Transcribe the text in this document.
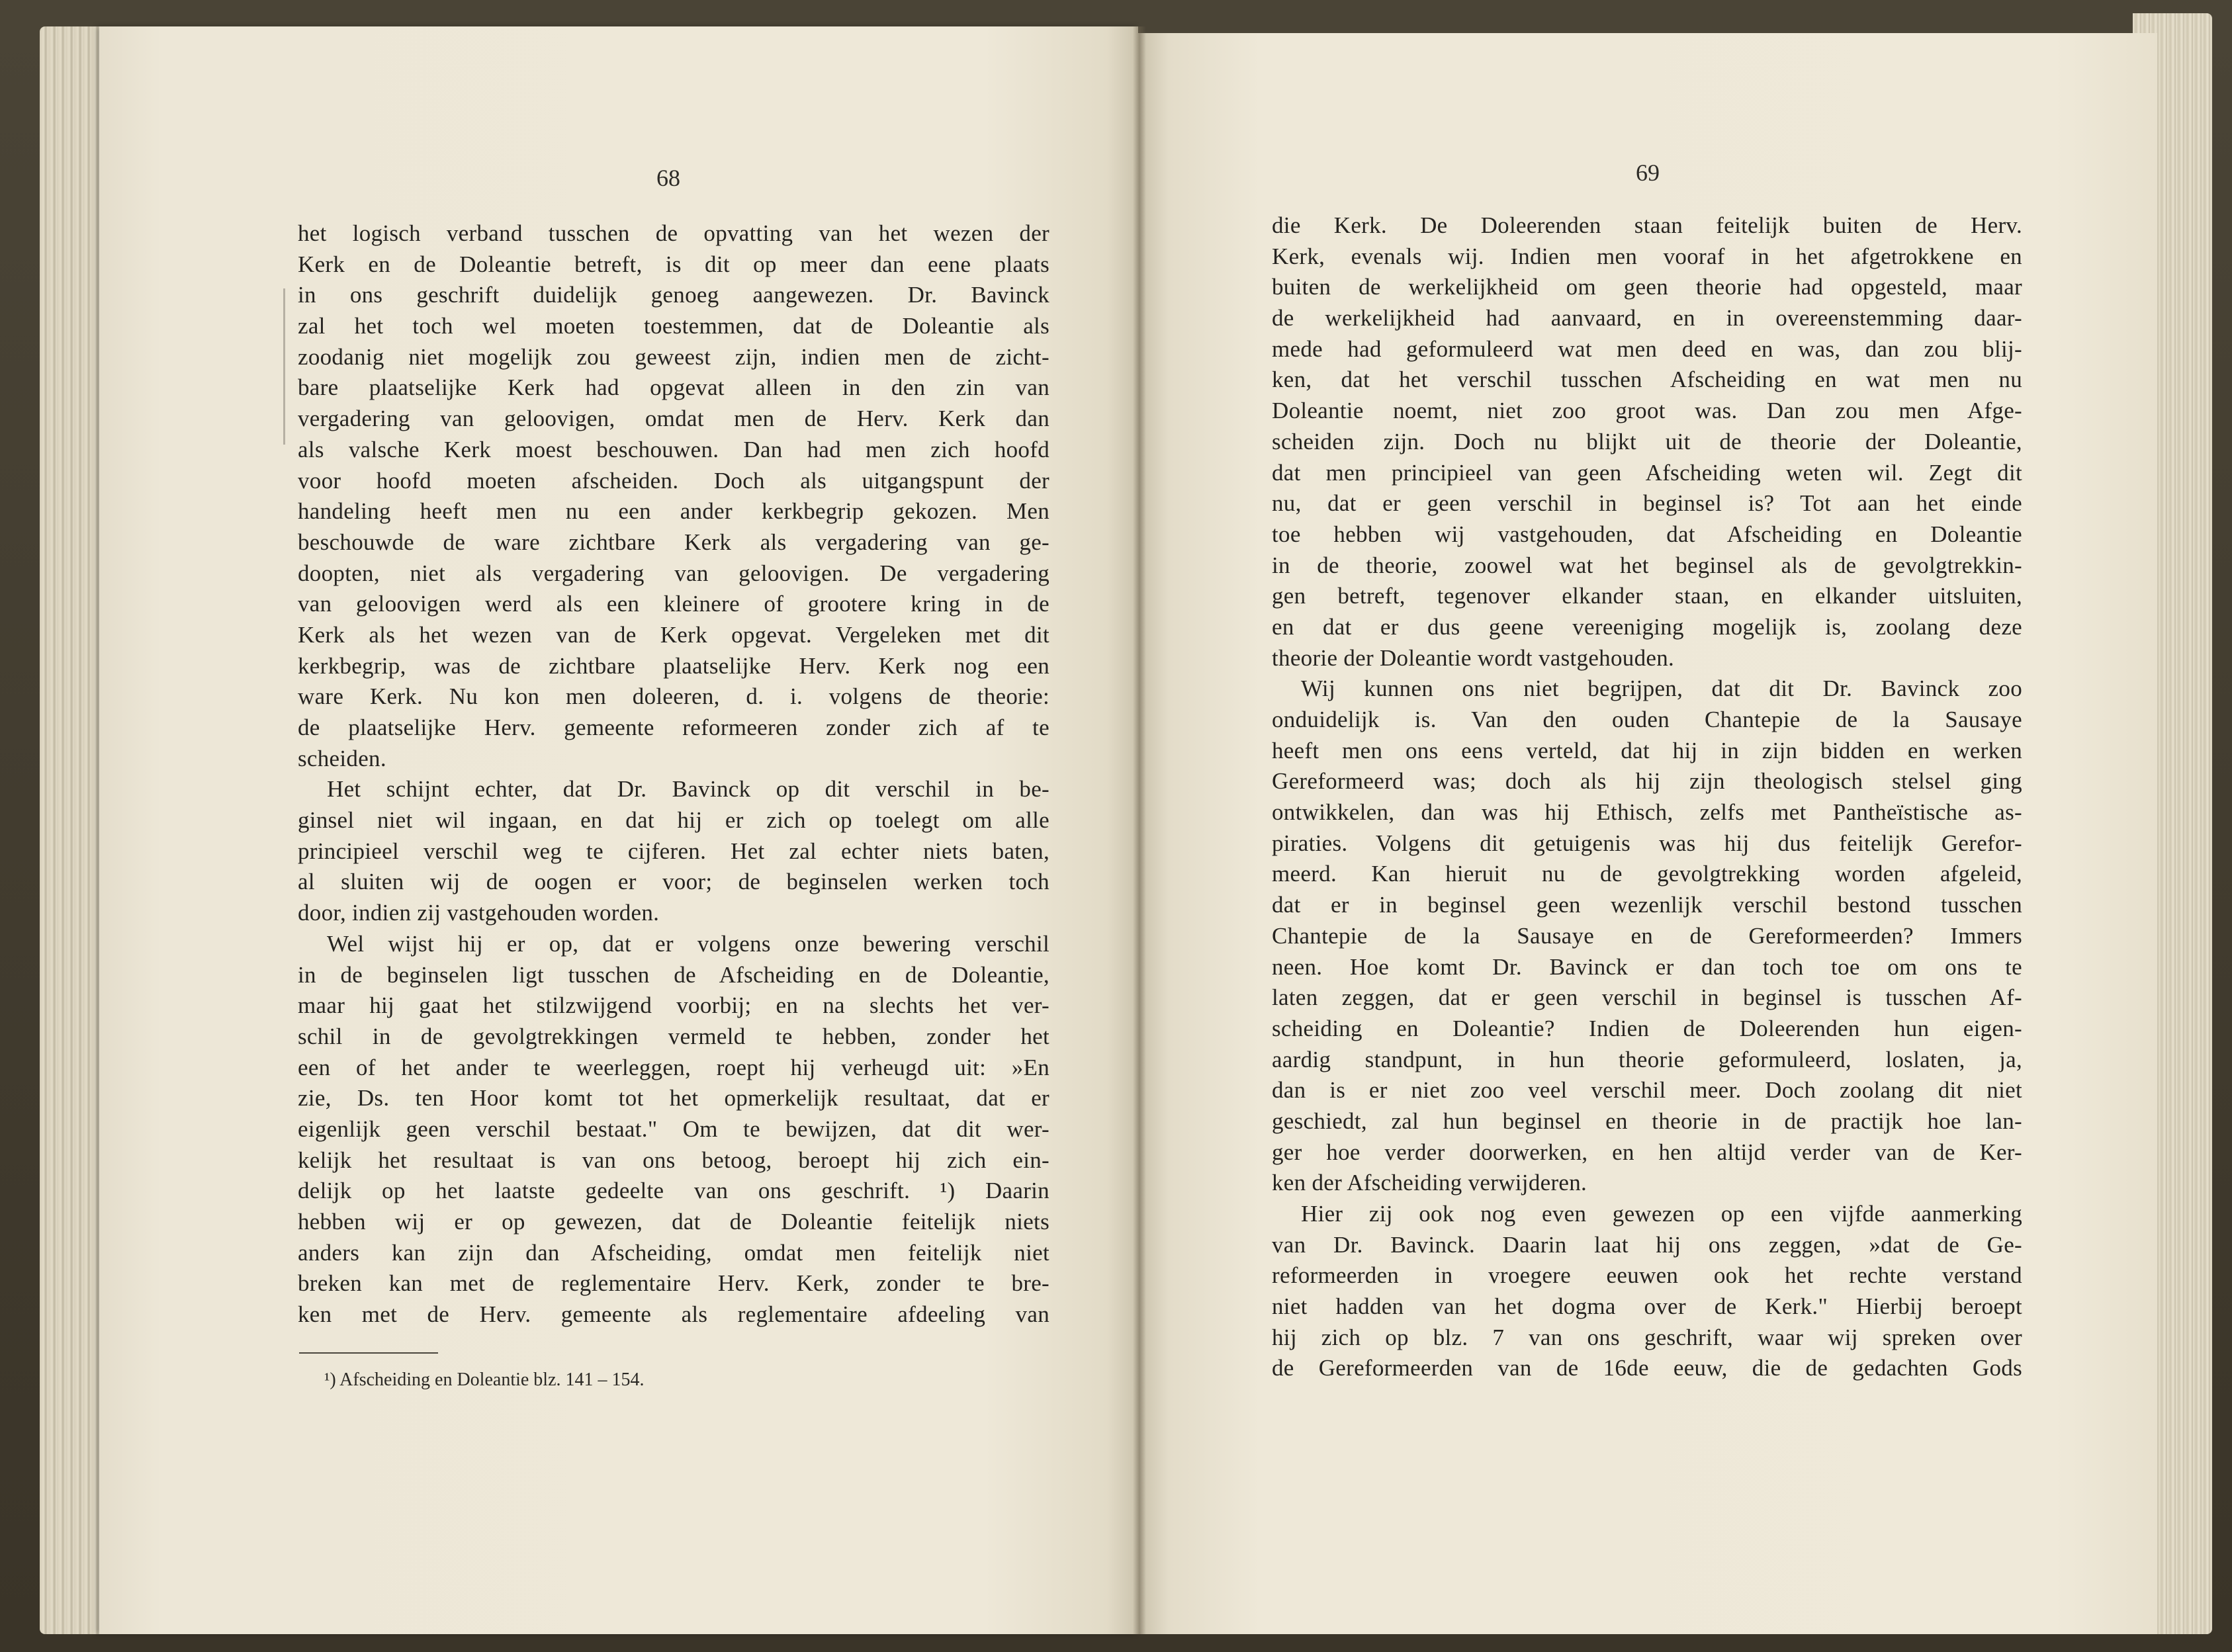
68	69
het logisch verband tusschen de opvatting van het wezen der
Kerk en de Doleantie betreft, is dit op meer dan eene plaats
in ons geschrift duidelijk genoeg aangewezen. Dr. Bavinck
zal het toch wel moeten toestemmen, dat de Doleantie als
zoodanig niet mogelijk zou geweest zijn, indien men de zicht-
bare plaatselijke Kerk had opgevat alleen in den zin van
vergadering van geloovigen, omdat men de Herv. Kerk dan
als valsche Kerk moest beschouwen. Dan had men zich hoofd
voor hoofd moeten afscheiden. Doch als uitgangspunt der
handeling heeft men nu een ander kerkbegrip gekozen. Men
beschouwde de ware zichtbare Kerk als vergadering van ge-
doopten, niet als vergadering van geloovigen. De vergadering
van geloovigen werd als een kleinere of grootere kring in de
Kerk als het wezen van de Kerk opgevat. Vergeleken met dit
kerkbegrip, was de zichtbare plaatselijke Herv. Kerk nog een
ware Kerk. Nu kon men doleeren, d. i. volgens de theorie:
de plaatselijke Herv. gemeente reformeeren zonder zich af te
scheiden.
Het schijnt echter, dat Dr. Bavinck op dit verschil in be-
ginsel niet wil ingaan, en dat hij er zich op toelegt om alle
principieel verschil weg te cijferen. Het zal echter niets baten,
al sluiten wij de oogen er voor; de beginselen werken toch
door, indien zij vastgehouden worden.
Wel wijst hij er op, dat er volgens onze bewering verschil
in de beginselen ligt tusschen de Afscheiding en de Doleantie,
maar hij gaat het stilzwijgend voorbij; en na slechts het ver-
schil in de gevolgtrekkingen vermeld te hebben, zonder het
een of het ander te weerleggen, roept hij verheugd uit: »En
zie, Ds. ten Hoor komt tot het opmerkelijk resultaat, dat er
eigenlijk geen verschil bestaat." Om te bewijzen, dat dit wer-
kelijk het resultaat is van ons betoog, beroept hij zich ein-
delijk op het laatste gedeelte van ons geschrift. ¹) Daarin
hebben wij er op gewezen, dat de Doleantie feitelijk niets
anders kan zijn dan Afscheiding, omdat men feitelijk niet
breken kan met de reglementaire Herv. Kerk, zonder te bre-
ken met de Herv. gemeente als reglementaire afdeeling van
die Kerk. De Doleerenden staan feitelijk buiten de Herv.
Kerk, evenals wij. Indien men vooraf in het afgetrokkene en
buiten de werkelijkheid om geen theorie had opgesteld, maar
de werkelijkheid had aanvaard, en in overeenstemming daar-
mede had geformuleerd wat men deed en was, dan zou blij-
ken, dat het verschil tusschen Afscheiding en wat men nu
Doleantie noemt, niet zoo groot was. Dan zou men Afge-
scheiden zijn. Doch nu blijkt uit de theorie der Doleantie,
dat men principieel van geen Afscheiding weten wil. Zegt dit
nu, dat er geen verschil in beginsel is? Tot aan het einde
toe hebben wij vastgehouden, dat Afscheiding en Doleantie
in de theorie, zoowel wat het beginsel als de gevolgtrekkin-
gen betreft, tegenover elkander staan, en elkander uitsluiten,
en dat er dus geene vereeniging mogelijk is, zoolang deze
theorie der Doleantie wordt vastgehouden.
Wij kunnen ons niet begrijpen, dat dit Dr. Bavinck zoo
onduidelijk is. Van den ouden Chantepie de la Sausaye
heeft men ons eens verteld, dat hij in zijn bidden en werken
Gereformeerd was; doch als hij zijn theologisch stelsel ging
ontwikkelen, dan was hij Ethisch, zelfs met Pantheïstische as-
piraties. Volgens dit getuigenis was hij dus feitelijk Gerefor-
meerd. Kan hieruit nu de gevolgtrekking worden afgeleid,
dat er in beginsel geen wezenlijk verschil bestond tusschen
Chantepie de la Sausaye en de Gereformeerden? Immers
neen. Hoe komt Dr. Bavinck er dan toch toe om ons te
laten zeggen, dat er geen verschil in beginsel is tusschen Af-
scheiding en Doleantie? Indien de Doleerenden hun eigen-
aardig standpunt, in hun theorie geformuleerd, loslaten, ja,
dan is er niet zoo veel verschil meer. Doch zoolang dit niet
geschiedt, zal hun beginsel en theorie in de practijk hoe lan-
ger hoe verder doorwerken, en hen altijd verder van de Ker-
ken der Afscheiding verwijderen.
Hier zij ook nog even gewezen op een vijfde aanmerking
van Dr. Bavinck. Daarin laat hij ons zeggen, »dat de Ge-
reformeerden in vroegere eeuwen ook het rechte verstand
niet hadden van het dogma over de Kerk." Hierbij beroept
hij zich op blz. 7 van ons geschrift, waar wij spreken over
de Gereformeerden van de 16de eeuw, die de gedachten Gods
¹) Afscheiding en Doleantie blz. 141 – 154.
